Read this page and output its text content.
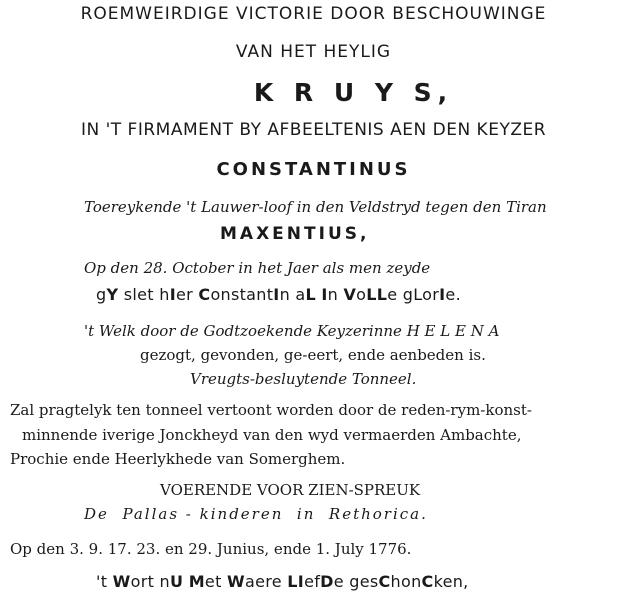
ROEMWEIRDIGE VICTORIE DOOR BESCHOUWINGE
VAN HET HEYLIG
K R U Y S,
IN 'T FIRMAMENT BY AFBEELTENIS AEN DEN KEYZER
CONSTANTINUS
Toereykende 't Lauwer-loof in den Veldstryd tegen den Tiran
MAXENTIUS,
Op den 28. October in het Jaer als men zeyde
gY slet hIer ConstantIn aL In VoLLe gLorIe.
't Welk door de Godtzoekende Keyzerinne H E L E N A
gezogt, gevonden, ge-eert, ende aenbeden is.
Vreugts-besluytende Tonneel.
Zal pragtelyk ten tonneel vertoont worden door de reden-rym-konst-
minnende iverige Jonckheyd van den wyd vermaerden Ambachte,
Prochie ende Heerlykhede van Somerghem.
VOERENDE VOOR ZIEN-SPREUK
De  Pallas - kinderen  in  Rethorica.
Op den 3. 9. 17. 23. en 29. Junius, ende 1. July 1776.
't Wort nU Met Waere LIefDe gesChonCken,
